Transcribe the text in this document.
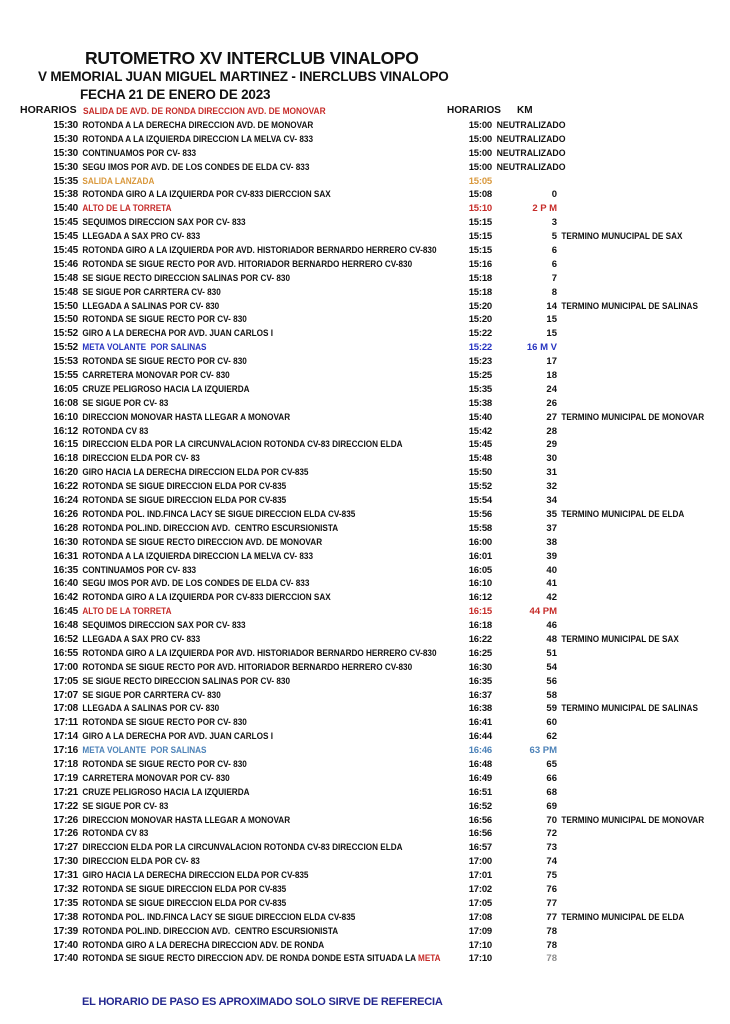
RUTOMETRO XV INTERCLUB VINALOPO
V MEMORIAL JUAN MIGUEL MARTINEZ - INERCLUBS VINALOPO
FECHA 21 DE ENERO DE 2023
HORARIOS SALIDA DE AVD. DE RONDA DIRECCION AVD. DE MONOVAR	HORARIOS KM
15:30 ROTONDA A LA DERECHA DIRECCION AVD. DE MONOVAR	15:00 NEUTRALIZADO
15:30 ROTONDA A LA IZQUIERDA DIRECCION LA MELVA CV- 833	15:00 NEUTRALIZADO
15:30 CONTINUAMOS POR CV- 833	15:00 NEUTRALIZADO
15:30 SEGU IMOS POR AVD. DE LOS CONDES DE ELDA CV- 833	15:00 NEUTRALIZADO
15:35 SALIDA LANZADA	15:05
15:38 ROTONDA GIRO A LA IZQUIERDA POR CV-833 DIERCCION SAX	15:08	0
15:40 ALTO DE LA TORRETA	15:10	2 P M
15:45 SEQUIMOS DIRECCION SAX POR CV- 833	15:15	3
15:45 LLEGADA A SAX PRO CV- 833	15:15	5 TERMINO MUNUCIPAL DE SAX
15:45 ROTONDA GIRO A LA IZQUIERDA POR AVD. HISTORIADOR BERNARDO HERRERO CV-830	15:15	6
15:46 ROTONDA SE SIGUE RECTO POR AVD. HITORIADOR BERNARDO HERRERO CV-830	15:16	6
15:48 SE SIGUE RECTO DIRECCION SALINAS POR CV- 830	15:18	7
15:48 SE SIGUE POR CARRTERA CV- 830	15:18	8
15:50 LLEGADA A SALINAS POR CV- 830	15:20	14 TERMINO MUNICIPAL DE SALINAS
15:50 ROTONDA SE SIGUE RECTO POR CV- 830	15:20	15
15:52 GIRO A LA DERECHA POR AVD. JUAN CARLOS I	15:22	15
15:52 META VOLANTE  POR SALINAS	15:22	16 M V
15:53 ROTONDA SE SIGUE RECTO POR CV- 830	15:23	17
15:55 CARRETERA MONOVAR POR CV- 830	15:25	18
16:05 CRUZE PELIGROSO HACIA LA IZQUIERDA	15:35	24
16:08 SE SIGUE POR CV- 83	15:38	26
16:10 DIRECCION MONOVAR HASTA LLEGAR A MONOVAR	15:40	27 TERMINO MUNICIPAL DE MONOVAR
16:12 ROTONDA CV 83	15:42	28
16:15 DIRECCION ELDA POR LA CIRCUNVALACION ROTONDA CV-83 DIRECCION ELDA	15:45	29
16:18 DIRECCION ELDA POR CV- 83	15:48	30
16:20 GIRO HACIA LA DERECHA DIRECCION ELDA POR CV-835	15:50	31
16:22 ROTONDA SE SIGUE DIRECCION ELDA POR CV-835	15:52	32
16:24 ROTONDA SE SIGUE DIRECCION ELDA POR CV-835	15:54	34
16:26 ROTONDA POL. IND.FINCA LACY SE SIGUE DIRECCION ELDA CV-835	15:56	35 TERMINO MUNICIPAL DE ELDA
16:28 ROTONDA POL.IND. DIRECCION AVD.  CENTRO ESCURSIONISTA	15:58	37
16:30 ROTONDA SE SIGUE RECTO DIRECCION AVD. DE MONOVAR	16:00	38
16:31 ROTONDA A LA IZQUIERDA DIRECCION LA MELVA CV- 833	16:01	39
16:35 CONTINUAMOS POR CV- 833	16:05	40
16:40 SEGU IMOS POR AVD. DE LOS CONDES DE ELDA CV- 833	16:10	41
16:42 ROTONDA GIRO A LA IZQUIERDA POR CV-833 DIERCCION SAX	16:12	42
16:45 ALTO DE LA TORRETA	16:15	44 PM
16:48 SEQUIMOS DIRECCION SAX POR CV- 833	16:18	46
16:52 LLEGADA A SAX PRO CV- 833	16:22	48 TERMINO MUNICIPAL DE SAX
16:55 ROTONDA GIRO A LA IZQUIERDA POR AVD. HISTORIADOR BERNARDO HERRERO CV-830	16:25	51
17:00 ROTONDA SE SIGUE RECTO POR AVD. HITORIADOR BERNARDO HERRERO CV-830	16:30	54
17:05 SE SIGUE RECTO DIRECCION SALINAS POR CV- 830	16:35	56
17:07 SE SIGUE POR CARRTERA CV- 830	16:37	58
17:08 LLEGADA A SALINAS POR CV- 830	16:38	59 TERMINO MUNICIPAL DE SALINAS
17:11 ROTONDA SE SIGUE RECTO POR CV- 830	16:41	60
17:14 GIRO A LA DERECHA POR AVD. JUAN CARLOS I	16:44	62
17:16 META VOLANTE  POR SALINAS	16:46	63 PM
17:18 ROTONDA SE SIGUE RECTO POR CV- 830	16:48	65
17:19 CARRETERA MONOVAR POR CV- 830	16:49	66
17:21 CRUZE PELIGROSO HACIA LA IZQUIERDA	16:51	68
17:22 SE SIGUE POR CV- 83	16:52	69
17:26 DIRECCION MONOVAR HASTA LLEGAR A MONOVAR	16:56	70 TERMINO MUNICIPAL DE MONOVAR
17:26 ROTONDA CV 83	16:56	72
17:27 DIRECCION ELDA POR LA CIRCUNVALACION ROTONDA CV-83 DIRECCION ELDA	16:57	73
17:30 DIRECCION ELDA POR CV- 83	17:00	74
17:31 GIRO HACIA LA DERECHA DIRECCION ELDA POR CV-835	17:01	75
17:32 ROTONDA SE SIGUE DIRECCION ELDA POR CV-835	17:02	76
17:35 ROTONDA SE SIGUE DIRECCION ELDA POR CV-835	17:05	77
17:38 ROTONDA POL. IND.FINCA LACY SE SIGUE DIRECCION ELDA CV-835	17:08	77 TERMINO MUNICIPAL DE ELDA
17:39 ROTONDA POL.IND. DIRECCION AVD.  CENTRO ESCURSIONISTA	17:09	78
17:40 ROTONDA GIRO A LA DERECHA DIRECCION ADV. DE RONDA	17:10	78
17:40 ROTONDA SE SIGUE RECTO DIRECCION ADV. DE RONDA DONDE ESTA SITUADA LA META	17:10	78
EL HORARIO DE PASO ES APROXIMADO SOLO SIRVE DE REFERECIA
